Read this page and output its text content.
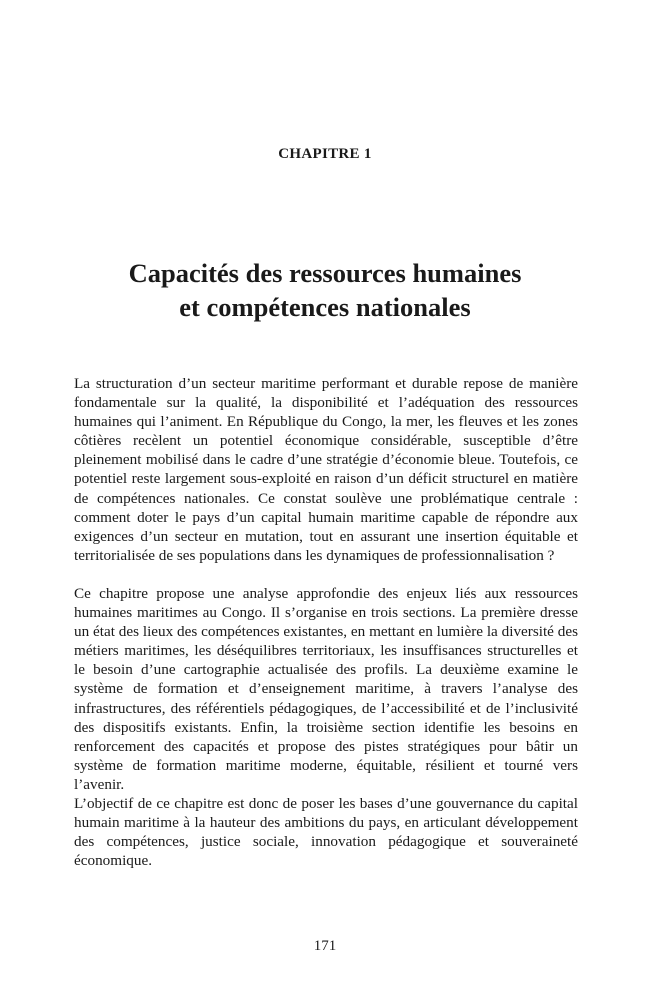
CHAPITRE 1
Capacités des ressources humaines
et compétences nationales

La structuration d’un secteur maritime performant et durable repose de manière fondamentale sur la qualité, la disponibilité et l’adéquation des ressources humaines qui l’animent. En République du Congo, la mer, les fleuves et les zones côtières recèlent un potentiel économique considérable, susceptible d’être pleinement mobilisé dans le cadre d’une stratégie d’économie bleue. Toutefois, ce potentiel reste largement sous-exploité en raison d’un déficit structurel en matière de compétences nationales. Ce constat soulève une problématique centrale : comment doter le pays d’un capital humain maritime capable de répondre aux exigences d’un secteur en mutation, tout en assurant une insertion équitable et territorialisée de ses populations dans les dynamiques de professionnalisation ?

Ce chapitre propose une analyse approfondie des enjeux liés aux ressources humaines maritimes au Congo. Il s’organise en trois sections. La première dresse un état des lieux des compétences existantes, en mettant en lumière la diversité des métiers maritimes, les déséquilibres territoriaux, les insuffisances structurelles et le besoin d’une cartographie actualisée des profils. La deuxième examine le système de formation et d’enseignement maritime, à travers l’analyse des infrastructures, des référentiels pédagogiques, de l’accessibilité et de l’inclusivité des dispositifs existants. Enfin, la troisième section identifie les besoins en renforcement des capacités et propose des pistes stratégiques pour bâtir un système de formation maritime moderne, équitable, résilient et tourné vers l’avenir.

L’objectif de ce chapitre est donc de poser les bases d’une gouvernance du capital humain maritime à la hauteur des ambitions du pays, en articulant développement des compétences, justice sociale, innovation pédagogique et souveraineté économique.

171
